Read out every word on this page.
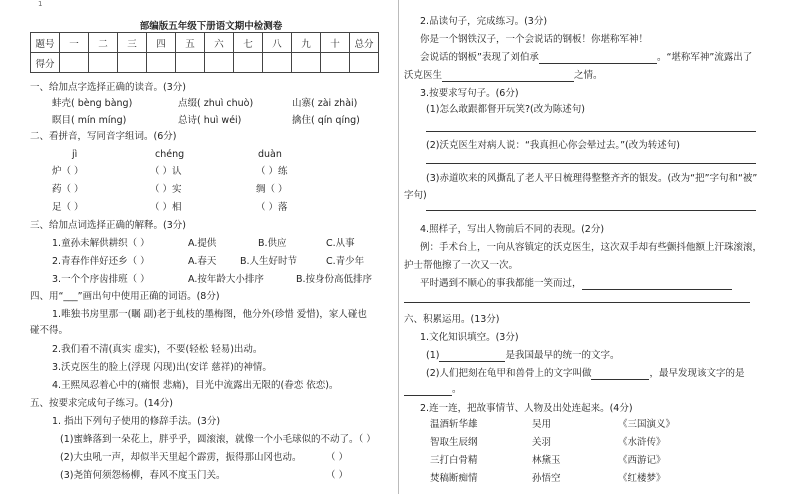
1
部编版五年级下册语文期中检测卷
题号	一	二	三	四	五	六	七	八	九	十	总分
得分											
一、给加点字选择正确的读音。(3分)
蚌壳( bèng bàng)	点缀( zhuì chuò)	山寨( zài zhài)
瞑目( mín míng)	总诗( huì wéi)	擒住( qín qíng)
二、看拼音，写同音字组词。(6分)
jì	chéng	duàn
炉（ ）	（ ）认	（ ）练
药（ ）	（ ）实	绸（ ）
足（ ）	（ ）相	（ ）落
三、给加点词选择正确的解释。(3分)
1.童孙未解供耕织（ ）	A.提供	B.供应	C.从事
2.青春作伴好还乡（ ）	A.春天 B.人生好时节	C.青少年
3.一个个序齿排班（ ）	A.按年龄大小排序	B.按身份高低排序
四、用“___”画出句中使用正确的词语。(8分)
1.唯独书房里那一(瞩 副)老于虬枝的墨梅图，他分外(珍惜 爱惜)，家人碰也
碰不得。
2.我们看不清(真实 虚实)，不要(轻松 轻易)出动。
3.沃克医生的脸上(浮现 闪现)出(安详 慈祥)的神情。
4.王熙凤忍着心中的(痛恨 悲痛)，目光中流露出无限的(眷恋 依恋)。
五、按要求完成句子练习。(14分)
1. 指出下列句子使用的修辞手法。(3分)
(1)蜜蜂落到一朵花上，胖乎乎，圆滚滚，就像一个小毛球似的不动了。（ ）
(2)大虫吼一声，却似半天里起个霹雳，振得那山冈也动。	（ ）
(3)尧笛何须怨杨柳，春风不度玉门关。	（ ）
2.品读句子，完成练习。(3分)
你是一个钢铁汉子，一个会说话的钢板！你堪称军神！
会说话的钢板”表现了刘伯承	。“堪称军神”流露出了
沃克医生	之情。
3.按要求写句子。(6分)
(1)怎么敢跟都督开玩笑?(改为陈述句)
(2)沃克医生对病人说：“我真担心你会晕过去。”(改为转述句)
(3)赤道吹来的风撕乱了老人平日梳理得整整齐齐的银发。(改为“把”字句和“被”
字句)
4.照样子，写出人物前后不同的表现。(2分)
例：手术台上，一向从容镇定的沃克医生，这次双手却有些颤抖他额上汗珠滚滚，
护士帮他擦了一次又一次。
平时遇到不顺心的事我都能一笑而过，
六、积累运用。(13分)
1.文化知识填空。(3分)
(1)	是我国最早的统一的文字。
(2)人们把刻在龟甲和兽骨上的文字叫做	，最早发现该文字的是
。
2.连一连，把故事情节、人物及出处连起来。(4分)
温酒斩华雄	吴用	《三国演义》
智取生辰纲	关羽	《水浒传》
三打白骨精	林黛玉	《西游记》
焚稿断痴情	孙悟空	《红楼梦》
